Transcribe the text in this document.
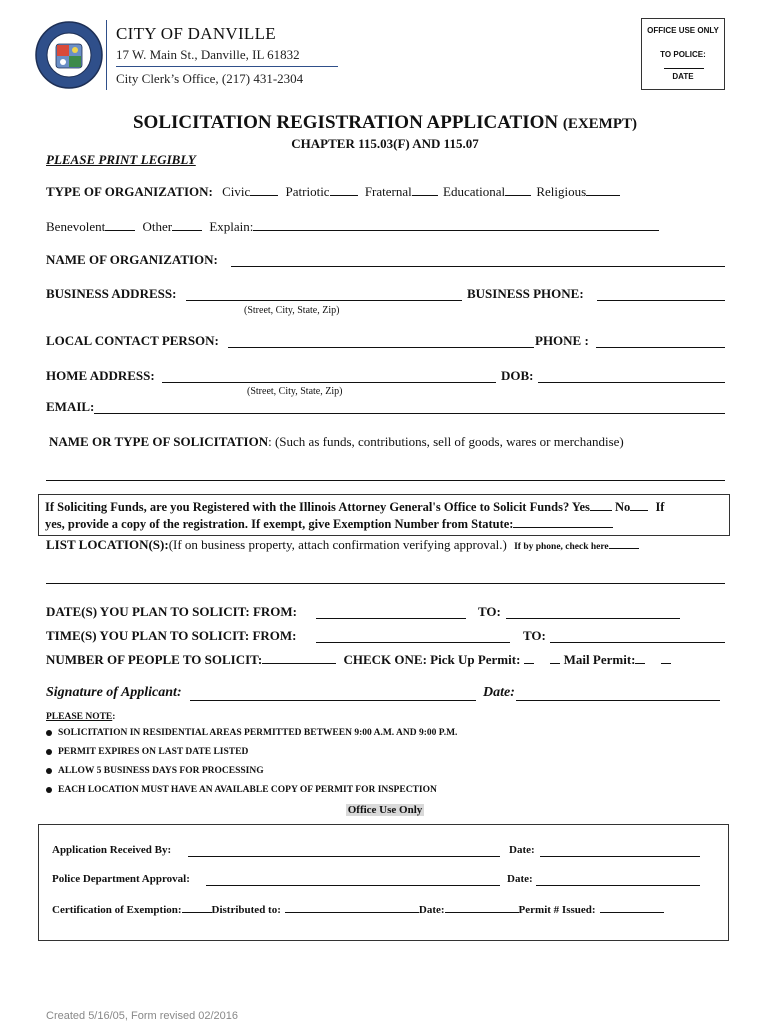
CITY OF DANVILLE
17 W. Main St., Danville, IL 61832
City Clerk’s Office, (217) 431-2304
OFFICE USE ONLY
TO POLICE:
DATE
SOLICITATION REGISTRATION APPLICATION (EXEMPT)
CHAPTER 115.03(F) AND 115.07
PLEASE PRINT LEGIBLY
TYPE OF ORGANIZATION: Civic	Patriotic	Fraternal Educational Religious
Benevolent	Other	Explain:
NAME OF ORGANIZATION:
BUSINESS ADDRESS:	BUSINESS PHONE:
(Street, City, State, Zip)
LOCAL CONTACT PERSON:	PHONE :
HOME ADDRESS:	DOB:
(Street, City, State, Zip)
EMAIL:
NAME OR TYPE OF SOLICITATION: (Such as funds, contributions, sell of goods, wares or merchandise)
If Soliciting Funds, are you Registered with the Illinois Attorney General's Office to Solicit Funds? Yes No If
yes, provide a copy of the registration. If exempt, give Exemption Number from Statute:
LIST LOCATION(S):(If on business property, attach confirmation verifying approval.) If by phone, check here
DATE(S) YOU PLAN TO SOLICIT: FROM:	TO:
TIME(S) YOU PLAN TO SOLICIT: FROM:	TO:
NUMBER OF PEOPLE TO SOLICIT:	CHECK ONE: Pick Up Permit:	Mail Permit:
Signature of Applicant:	Date:
PLEASE NOTE:
SOLICITATION IN RESIDENTIAL AREAS PERMITTED BETWEEN 9:00 A.M. AND 9:00 P.M.
PERMIT EXPIRES ON LAST DATE LISTED
ALLOW 5 BUSINESS DAYS FOR PROCESSING
EACH LOCATION MUST HAVE AN AVAILABLE COPY OF PERMIT FOR INSPECTION
Office Use Only
Application Received By:	Date:
Police Department Approval:	Date:
Certification of Exemption:	Distributed to:	Date:	Permit # Issued:
Created 5/16/05, Form revised 02/2016
